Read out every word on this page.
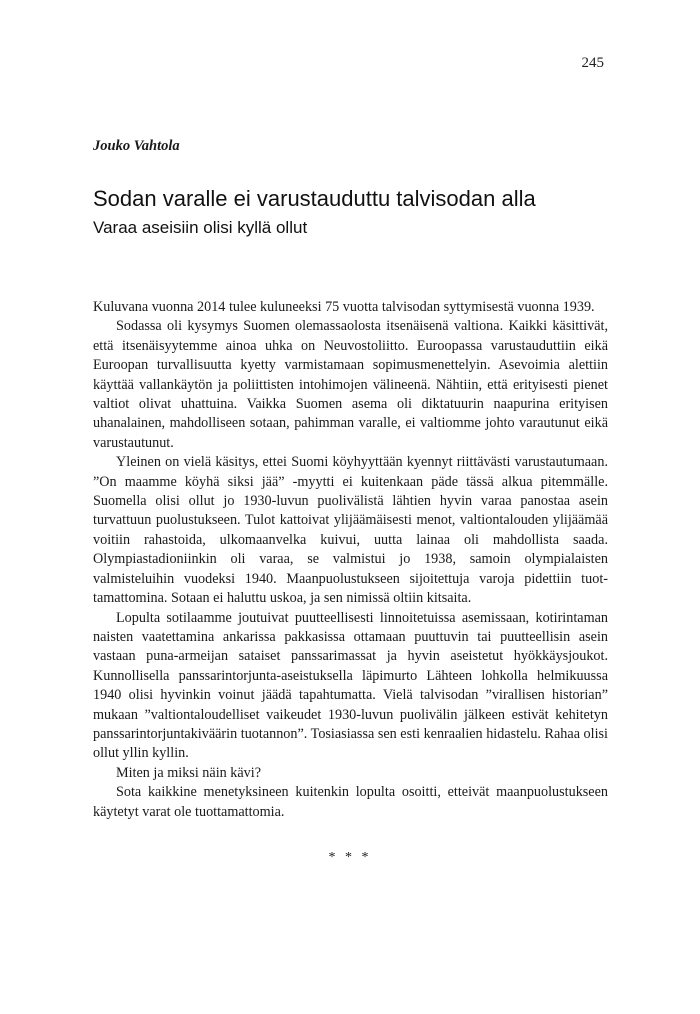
245
Jouko Vahtola
Sodan varalle ei varustauduttu talvisodan alla
Varaa aseisiin olisi kyllä ollut

Kuluvana vuonna 2014 tulee kuluneeksi 75 vuotta talvisodan syttymisestä vuonna 1939.

Sodassa oli kysymys Suomen olemassaolosta itsenäisenä valtiona. Kaikki käsittivät, että itsenäisyytemme ainoa uhka on Neuvostoliitto. Euroopassa varustauduttiin eikä Euroopan turvallisuutta kyetty varmistamaan sopimusmenettelyin. Asevoimia alettiin käyttää vallankäytön ja poliittisten intohimojen välineenä. Nähtiin, että erityisesti pienet valtiot olivat uhattuina. Vaikka Suomen asema oli diktatuurin naapurina erityisen uhanalainen, mahdolliseen sotaan, pahimman varalle, ei valtiomme johto varautunut eikä varustautunut.

Yleinen on vielä käsitys, ettei Suomi köyhyyttään kyennyt riittävästi varustautumaan. ”On maamme köyhä siksi jää” -myytti ei kuitenkaan päde tässä alkua pitemmälle. Suomella olisi ollut jo 1930-luvun puolivälistä lähtien hyvin varaa panostaa asein turvattuun puolustukseen. Tulot kattoivat ylijäämäisesti menot, valtiontalouden ylijäämää voitiin rahastoida, ulkomaanvelka kuivui, uutta lainaa oli mahdollista saada. Olympiastadioniinkin oli varaa, se valmistui jo 1938, samoin olympialaisten valmisteluihin vuodeksi 1940. Maanpuolustukseen sijoitettuja varoja pidettiin tuottamattomina. Sotaan ei haluttu uskoa, ja sen nimissä oltiin kitsaita.

Lopulta sotilaamme joutuivat puutteellisesti linnoitetuissa asemissaan, kotirintaman naisten vaatettamina ankarissa pakkasissa ottamaan puuttuvin tai puutteellisin asein vastaan puna-armeijan sataiset panssarimassat ja hyvin aseistetut hyökkäysjoukot. Kunnollisella panssarintorjunta-aseistuksella läpimurto Lähteen lohkolla helmikuussa 1940 olisi hyvinkin voinut jäädä tapahtumatta. Vielä talvisodan ”virallisen historian” mukaan ”valtiontaloudelliset vaikeudet 1930-luvun puolivälin jälkeen estivät kehitetyn panssarintorjuntakiväärin tuotannon”. Tosiasiassa sen esti kenraalien hidastelu. Rahaa olisi ollut yllin kyllin.

Miten ja miksi näin kävi?

Sota kaikkine menetyksineen kuitenkin lopulta osoitti, etteivät maanpuolustukseen käytetyt varat ole tuottamattomia.

* * *
